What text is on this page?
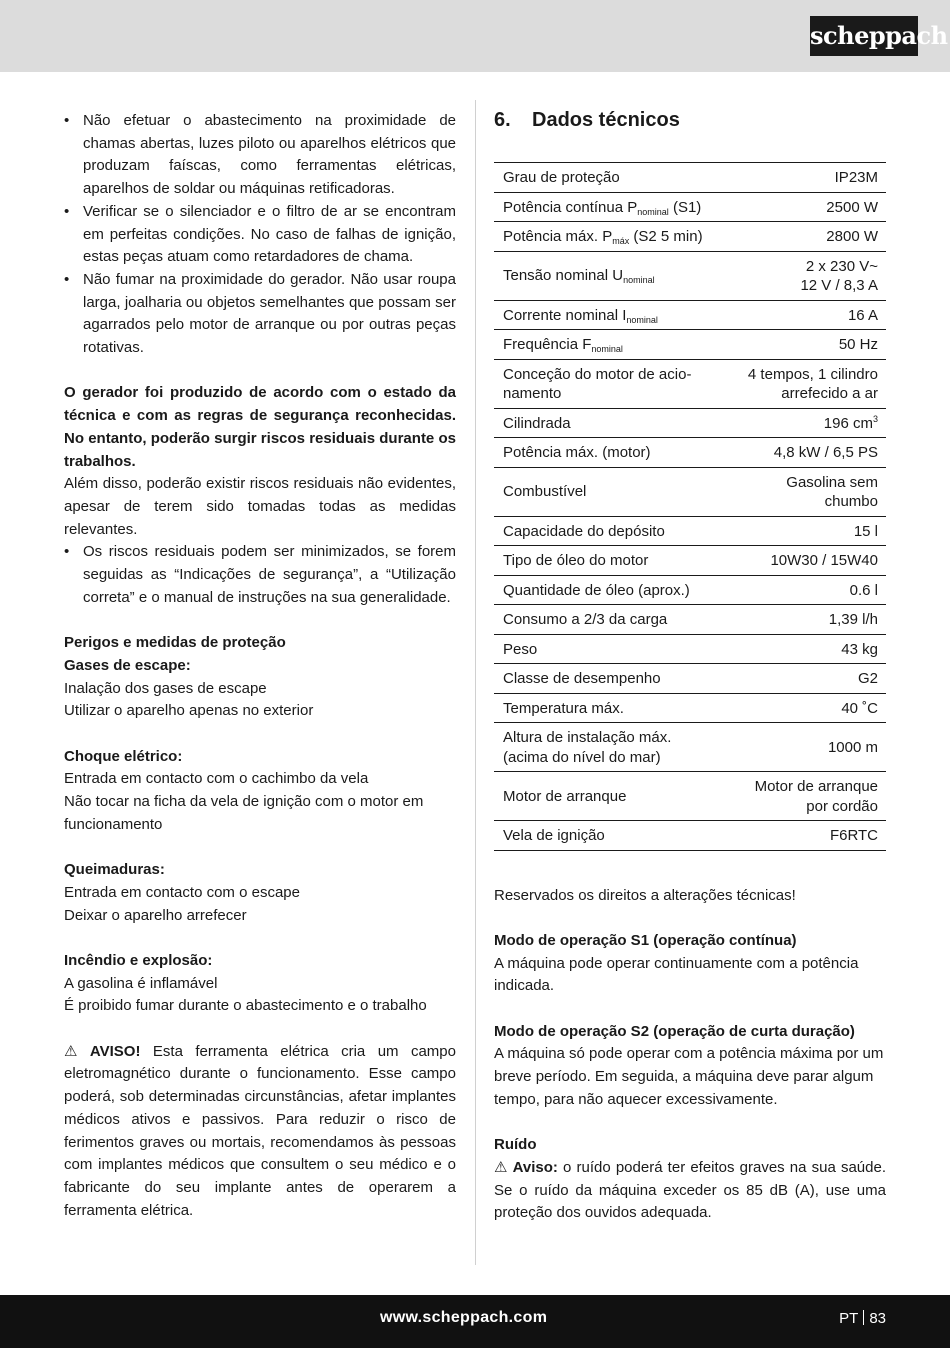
scheppach
• Não efetuar o abastecimento na proximidade de chamas abertas, luzes piloto ou aparelhos elétricos que produzam faíscas, como ferramentas elétricas, aparelhos de soldar ou máquinas retificadoras.
• Verificar se o silenciador e o filtro de ar se encontram em perfeitas condições. No caso de falhas de ignição, estas peças atuam como retardadores de chama.
• Não fumar na proximidade do gerador. Não usar roupa larga, joalharia ou objetos semelhantes que possam ser agarrados pelo motor de arranque ou por outras peças rotativas.

O gerador foi produzido de acordo com o estado da técnica e com as regras de segurança reconhecidas. No entanto, poderão surgir riscos residuais durante os trabalhos.

Além disso, poderão existir riscos residuais não evidentes, apesar de terem sido tomadas todas as medidas relevantes.

• Os riscos residuais podem ser minimizados, se forem seguidas as “Indicações de segurança”, a “Utilização correta” e o manual de instruções na sua generalidade.

Perigos e medidas de proteção

Gases de escape:

Inalação dos gases de escape

Utilizar o aparelho apenas no exterior

Choque elétrico:

Entrada em contacto com o cachimbo da vela

Não tocar na ficha da vela de ignição com o motor em funcionamento

Queimaduras:

Entrada em contacto com o escape

Deixar o aparelho arrefecer

Incêndio e explosão:

A gasolina é inflamável

É proibido fumar durante o abastecimento e o trabalho

⚠ AVISO! Esta ferramenta elétrica cria um campo eletromagnético durante o funcionamento. Esse campo poderá, sob determinadas circunstâncias, afetar implantes médicos ativos e passivos. Para reduzir o risco de ferimentos graves ou mortais, recomendamos às pessoas com implantes médicos que consultem o seu médico e o fabricante do seu implante antes de operarem a ferramenta elétrica.

6. Dados técnicos
Grau de proteção	IP23M
Potência contínua $P_{nominal}$ (S1)	2500 W
Potência máx. $P_{máx}$ (S2 5 min)	2800 W
Tensão nominal $U_{nominal}$	2 x 230 V~
12 V / 8,3 A
Corrente nominal $I_{nominal}$	16 A
Frequência $F_{nominal}$	50 Hz
Conceção do motor de acio-
namento	4 tempos, 1 cilindro
arrefecido a ar
Cilindrada	196 $cm^3$
Potência máx. (motor)	4,8 kW / 6,5 PS
Combustível	Gasolina sem
chumbo
Capacidade do depósito	15 l
Tipo de óleo do motor	10W30 / 15W40
Quantidade de óleo (aprox.)	0.6 l
Consumo a 2/3 da carga	1,39 l/h
Peso	43 kg
Classe de desempenho	G2
Temperatura máx.	40 ˚C
Altura de instalação máx.
(acima do nível do mar)	1000 m
Motor de arranque	Motor de arranque
por cordão
Vela de ignição	F6RTC

Reservados os direitos a alterações técnicas!

Modo de operação S1 (operação contínua)

A máquina pode operar continuamente com a potência indicada.

Modo de operação S2 (operação de curta duração)

A máquina só pode operar com a potência máxima por um breve período. Em seguida, a máquina deve parar algum tempo, para não aquecer excessivamente.

Ruído

⚠ Aviso: o ruído poderá ter efeitos graves na sua saúde. Se o ruído da máquina exceder os 85 dB (A), use uma proteção dos ouvidos adequada.

www.scheppach.com	PT 83
